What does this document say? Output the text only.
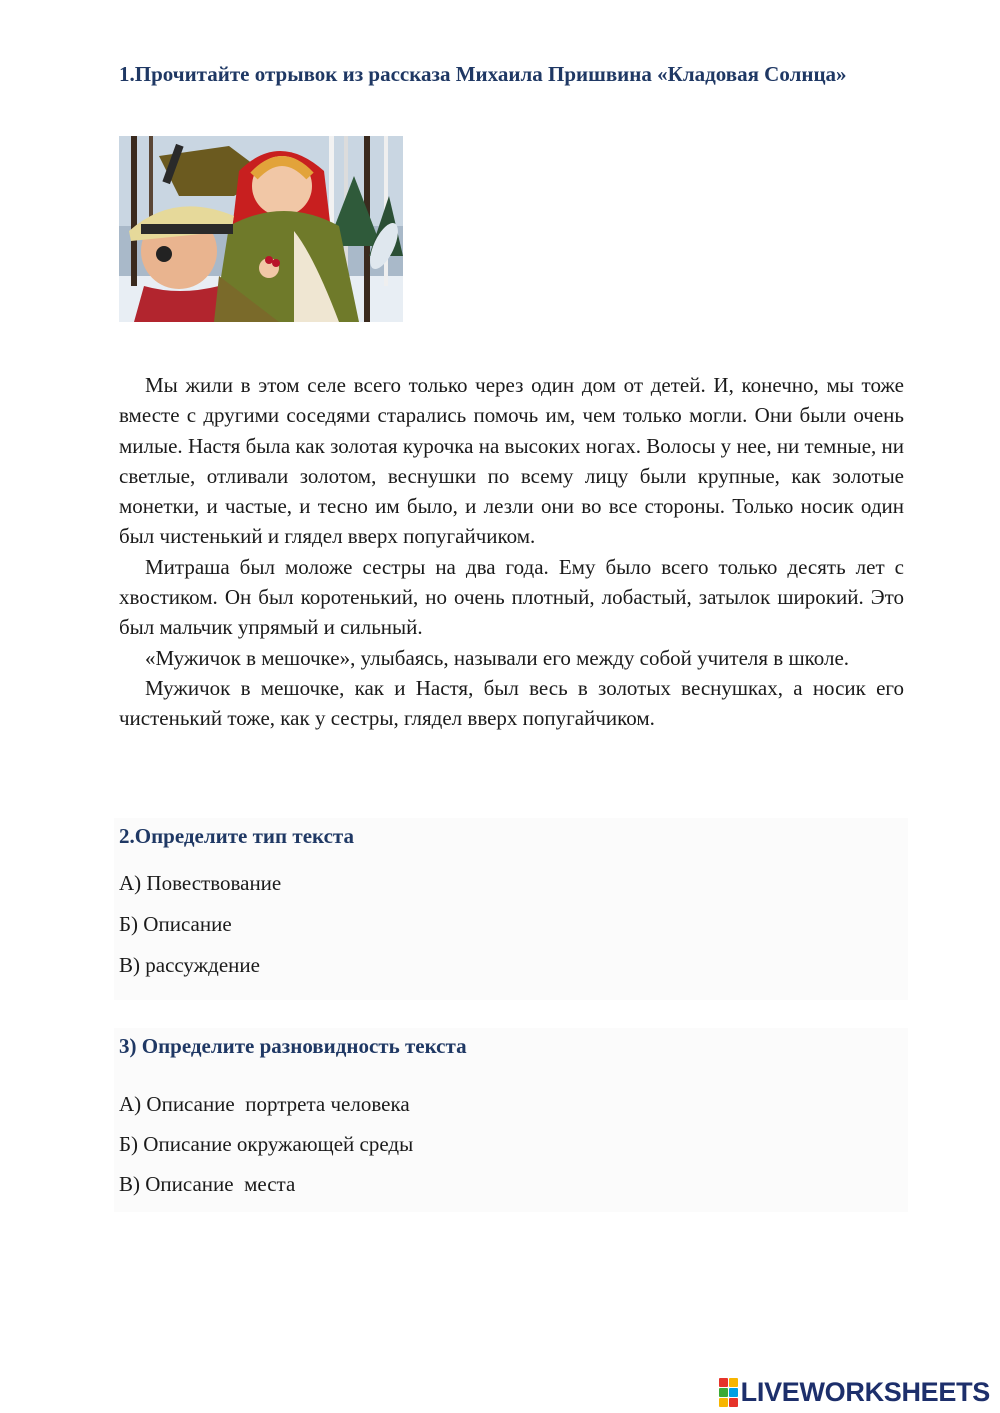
1.Прочитайте отрывок из рассказа Михаила Пришвина «Кладовая Солнца»

Мы жили в этом селе всего только через один дом от детей. И, конечно, мы тоже вместе с другими соседями старались помочь им, чем только могли. Они были очень милые. Настя была как золотая курочка на высоких ногах. Волосы у нее, ни темные, ни светлые, отливали золотом, веснушки по всему лицу были крупные, как золотые монетки, и частые, и тесно им было, и лезли они во все стороны. Только носик один был чистенький и глядел вверх попугайчиком.

Митраша был моложе сестры на два года. Ему было всего только десять лет с хвостиком. Он был коротенький, но очень плотный, лобастый, затылок широкий. Это был мальчик упрямый и сильный.

«Мужичок в мешочке», улыбаясь, называли его между собой учителя в школе.

Мужичок в мешочке, как и Настя, был весь в золотых веснушках, а носик его чистенький тоже, как у сестры, глядел вверх попугайчиком.

2.Определите тип текста
А) Повествование
Б) Описание
В) рассуждение
3) Определите разновидность текста
А) Описание  портрета человека
Б) Описание окружающей среды
В) Описание  места
LIVEWORKSHEETS
